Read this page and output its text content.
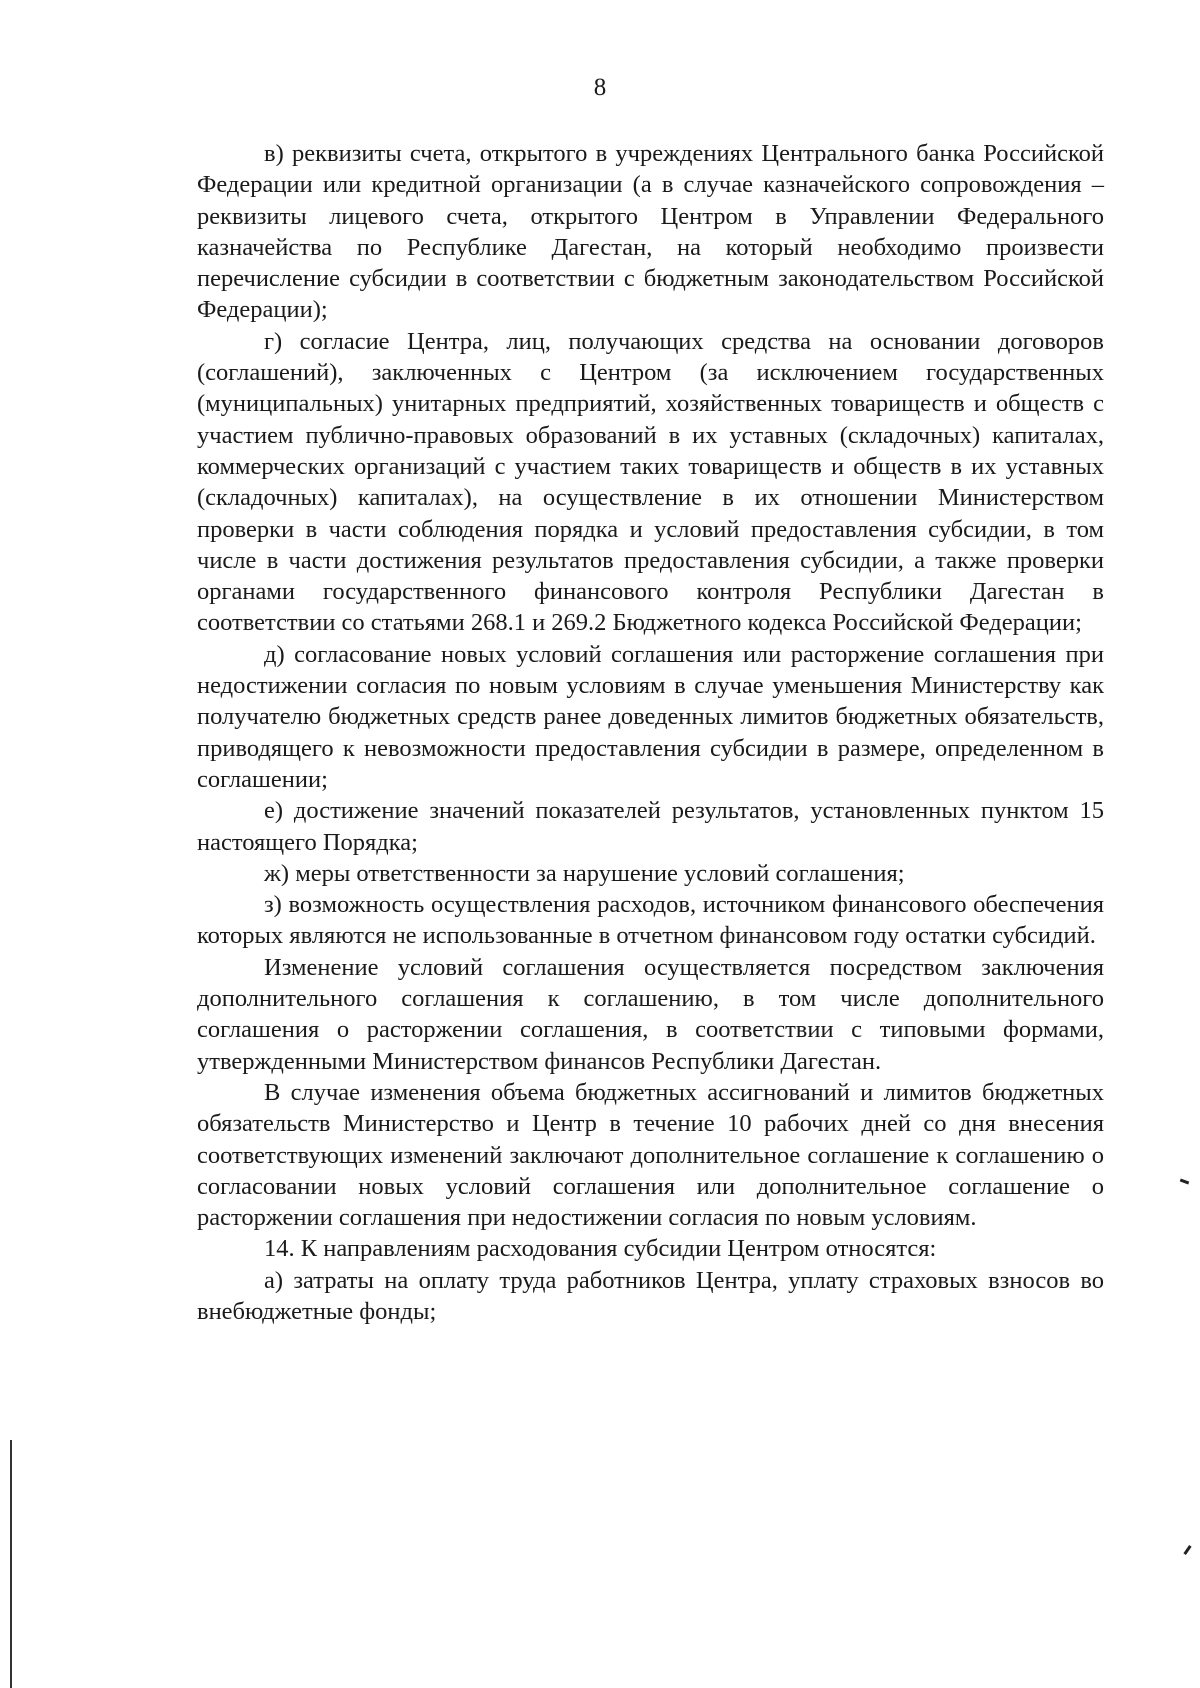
8

в) реквизиты счета, открытого в учреждениях Центрального банка Российской Федерации или кредитной организации (а в случае казначейского сопровождения – реквизиты лицевого счета, открытого Центром в Управлении Федерального казначейства по Республике Дагестан, на который необходимо произвести перечисление субсидии в соответствии с бюджетным законодательством Российской Федерации);

г) согласие Центра, лиц, получающих средства на основании договоров (соглашений), заключенных с Центром (за исключением государственных (муниципальных) унитарных предприятий, хозяйственных товариществ и обществ с участием публично-правовых образований в их уставных (складочных) капиталах, коммерческих организаций с участием таких товариществ и обществ в их уставных (складочных) капиталах), на осуществление в их отношении Министерством проверки в части соблюдения порядка и условий предоставления субсидии, в том числе в части достижения результатов предоставления субсидии, а также проверки органами государственного финансового контроля Республики Дагестан в соответствии со статьями 268.1 и 269.2 Бюджетного кодекса Российской Федерации;

д) согласование новых условий соглашения или расторжение соглашения при недостижении согласия по новым условиям в случае уменьшения Министерству как получателю бюджетных средств ранее доведенных лимитов бюджетных обязательств, приводящего к невозможности предоставления субсидии в размере, определенном в соглашении;

е) достижение значений показателей результатов, установленных пунктом 15 настоящего Порядка;

ж) меры ответственности за нарушение условий соглашения;

з) возможность осуществления расходов, источником финансового обеспечения которых являются не использованные в отчетном финансовом году остатки субсидий.

Изменение условий соглашения осуществляется посредством заключения дополнительного соглашения к соглашению, в том числе дополнительного соглашения о расторжении соглашения, в соответствии с типовыми формами, утвержденными Министерством финансов Республики Дагестан.

В случае изменения объема бюджетных ассигнований и лимитов бюджетных обязательств Министерство и Центр в течение 10 рабочих дней со дня внесения соответствующих изменений заключают дополнительное соглашение к соглашению о согласовании новых условий соглашения или дополнительное соглашение о расторжении соглашения при недостижении согласия по новым условиям.

14. К направлениям расходования субсидии Центром относятся:

а) затраты на оплату труда работников Центра, уплату страховых взносов во внебюджетные фонды;
